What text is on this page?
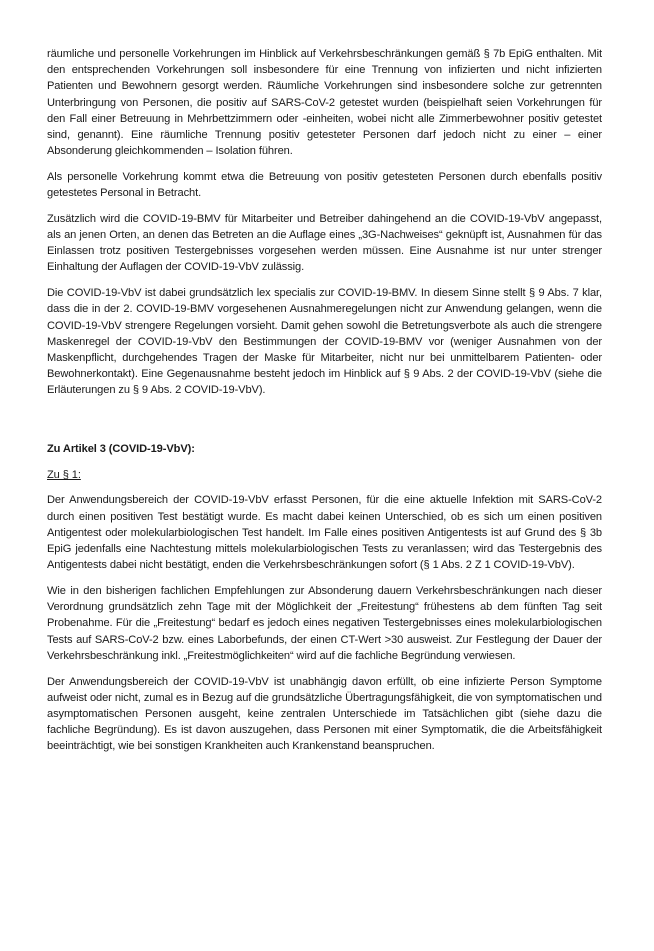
räumliche und personelle Vorkehrungen im Hinblick auf Verkehrsbeschränkungen gemäß § 7b EpiG enthalten. Mit den entsprechenden Vorkehrungen soll insbesondere für eine Trennung von infizierten und nicht infizierten Patienten und Bewohnern gesorgt werden. Räumliche Vorkehrungen sind insbesondere solche zur getrennten Unterbringung von Personen, die positiv auf SARS-CoV-2 getestet wurden (beispielhaft seien Vorkehrungen für den Fall einer Betreuung in Mehrbettzimmern oder -einheiten, wobei nicht alle Zimmerbewohner positiv getestet sind, genannt). Eine räumliche Trennung positiv getesteter Personen darf jedoch nicht zu einer – einer Absonderung gleichkommenden – Isolation führen.

Als personelle Vorkehrung kommt etwa die Betreuung von positiv getesteten Personen durch ebenfalls positiv getestetes Personal in Betracht.

Zusätzlich wird die COVID-19-BMV für Mitarbeiter und Betreiber dahingehend an die COVID-19-VbV angepasst, als an jenen Orten, an denen das Betreten an die Auflage eines „3G-Nachweises“ geknüpft ist, Ausnahmen für das Einlassen trotz positiven Testergebnisses vorgesehen werden müssen. Eine Ausnahme ist nur unter strenger Einhaltung der Auflagen der COVID-19-VbV zulässig.

Die COVID-19-VbV ist dabei grundsätzlich lex specialis zur COVID-19-BMV. In diesem Sinne stellt § 9 Abs. 7 klar, dass die in der 2. COVID-19-BMV vorgesehenen Ausnahmeregelungen nicht zur Anwendung gelangen, wenn die COVID-19-VbV strengere Regelungen vorsieht. Damit gehen sowohl die Betretungsverbote als auch die strengere Maskenregel der COVID-19-VbV den Bestimmungen der COVID-19-BMV vor (weniger Ausnahmen von der Maskenpflicht, durchgehendes Tragen der Maske für Mitarbeiter, nicht nur bei unmittelbarem Patienten- oder Bewohnerkontakt). Eine Gegenausnahme besteht jedoch im Hinblick auf § 9 Abs. 2 der COVID-19-VbV (siehe die Erläuterungen zu § 9 Abs. 2 COVID-19-VbV).

Zu Artikel 3 (COVID-19-VbV):

Zu § 1:

Der Anwendungsbereich der COVID-19-VbV erfasst Personen, für die eine aktuelle Infektion mit SARS-CoV-2 durch einen positiven Test bestätigt wurde. Es macht dabei keinen Unterschied, ob es sich um einen positiven Antigentest oder molekularbiologischen Test handelt. Im Falle eines positiven Antigentests ist auf Grund des § 3b EpiG jedenfalls eine Nachtestung mittels molekularbiologischen Tests zu veranlassen; wird das Testergebnis des Antigentests dabei nicht bestätigt, enden die Verkehrsbeschränkungen sofort (§ 1 Abs. 2 Z 1 COVID-19-VbV).

Wie in den bisherigen fachlichen Empfehlungen zur Absonderung dauern Verkehrsbeschränkungen nach dieser Verordnung grundsätzlich zehn Tage mit der Möglichkeit der „Freitestung“ frühestens ab dem fünften Tag seit Probenahme. Für die „Freitestung“ bedarf es jedoch eines negativen Testergebnisses eines molekularbiologischen Tests auf SARS-CoV-2 bzw. eines Laborbefunds, der einen CT-Wert >30 ausweist. Zur Festlegung der Dauer der Verkehrsbeschränkung inkl. „Freitestmöglichkeiten“ wird auf die fachliche Begründung verwiesen.

Der Anwendungsbereich der COVID-19-VbV ist unabhängig davon erfüllt, ob eine infizierte Person Symptome aufweist oder nicht, zumal es in Bezug auf die grundsätzliche Übertragungsfähigkeit, die von symptomatischen und asymptomatischen Personen ausgeht, keine zentralen Unterschiede im Tatsächlichen gibt (siehe dazu die fachliche Begründung). Es ist davon auszugehen, dass Personen mit einer Symptomatik, die die Arbeitsfähigkeit beeinträchtigt, wie bei sonstigen Krankheiten auch Krankenstand beanspruchen.
